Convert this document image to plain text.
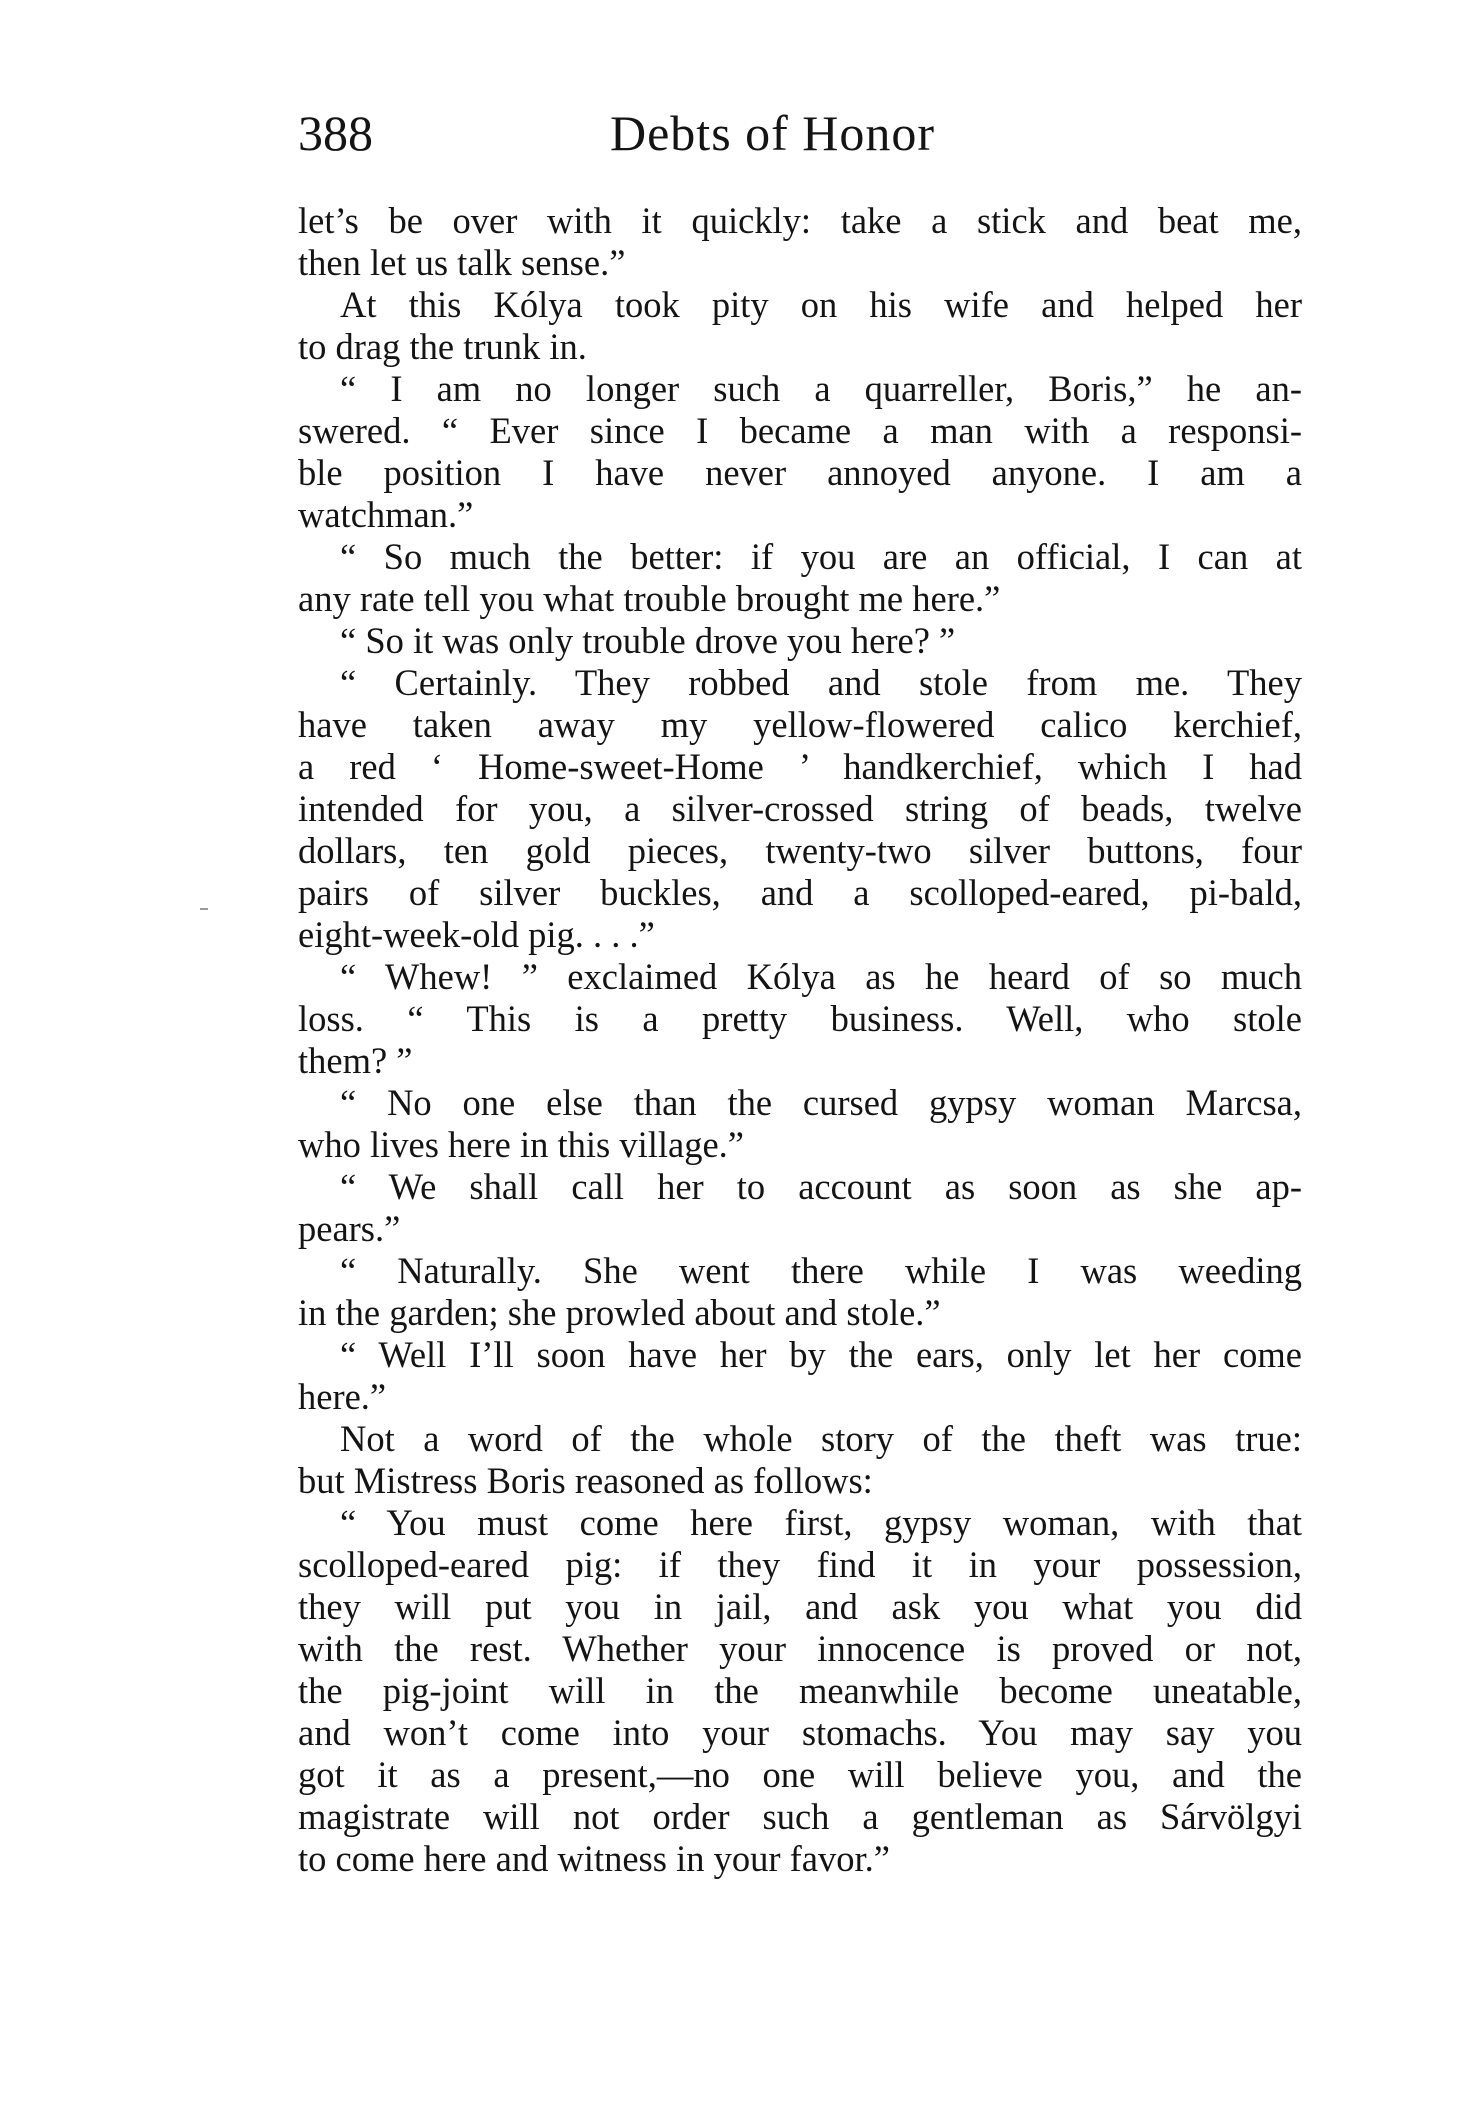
388	Debts of Honor
let’s be over with it quickly: take a stick and beat me,
then let us talk sense.”
At this Kólya took pity on his wife and helped her
to drag the trunk in.
“ I am no longer such a quarreller, Boris,” he an-
swered. “ Ever since I became a man with a responsi-
ble position I have never annoyed anyone. I am a
watchman.”
“ So much the better: if you are an official, I can at
any rate tell you what trouble brought me here.”
“ So it was only trouble drove you here? ”
“ Certainly. They robbed and stole from me. They
have taken away my yellow-flowered calico kerchief,
a red ‘ Home-sweet-Home ’ handkerchief, which I had
intended for you, a silver-crossed string of beads, twelve
dollars, ten gold pieces, twenty-two silver buttons, four
pairs of silver buckles, and a scolloped-eared, pi-bald,
eight-week-old pig. . . .”
“ Whew! ” exclaimed Kólya as he heard of so much
loss. “ This is a pretty business. Well, who stole
them? ”
“ No one else than the cursed gypsy woman Marcsa,
who lives here in this village.”
“ We shall call her to account as soon as she ap-
pears.”
“ Naturally. She went there while I was weeding
in the garden; she prowled about and stole.”
“ Well I’ll soon have her by the ears, only let her come
here.”
Not a word of the whole story of the theft was true:
but Mistress Boris reasoned as follows:
“ You must come here first, gypsy woman, with that
scolloped-eared pig: if they find it in your possession,
they will put you in jail, and ask you what you did
with the rest. Whether your innocence is proved or not,
the pig-joint will in the meanwhile become uneatable,
and won’t come into your stomachs. You may say you
got it as a present,—no one will believe you, and the
magistrate will not order such a gentleman as Sárvölgyi
to come here and witness in your favor.”
